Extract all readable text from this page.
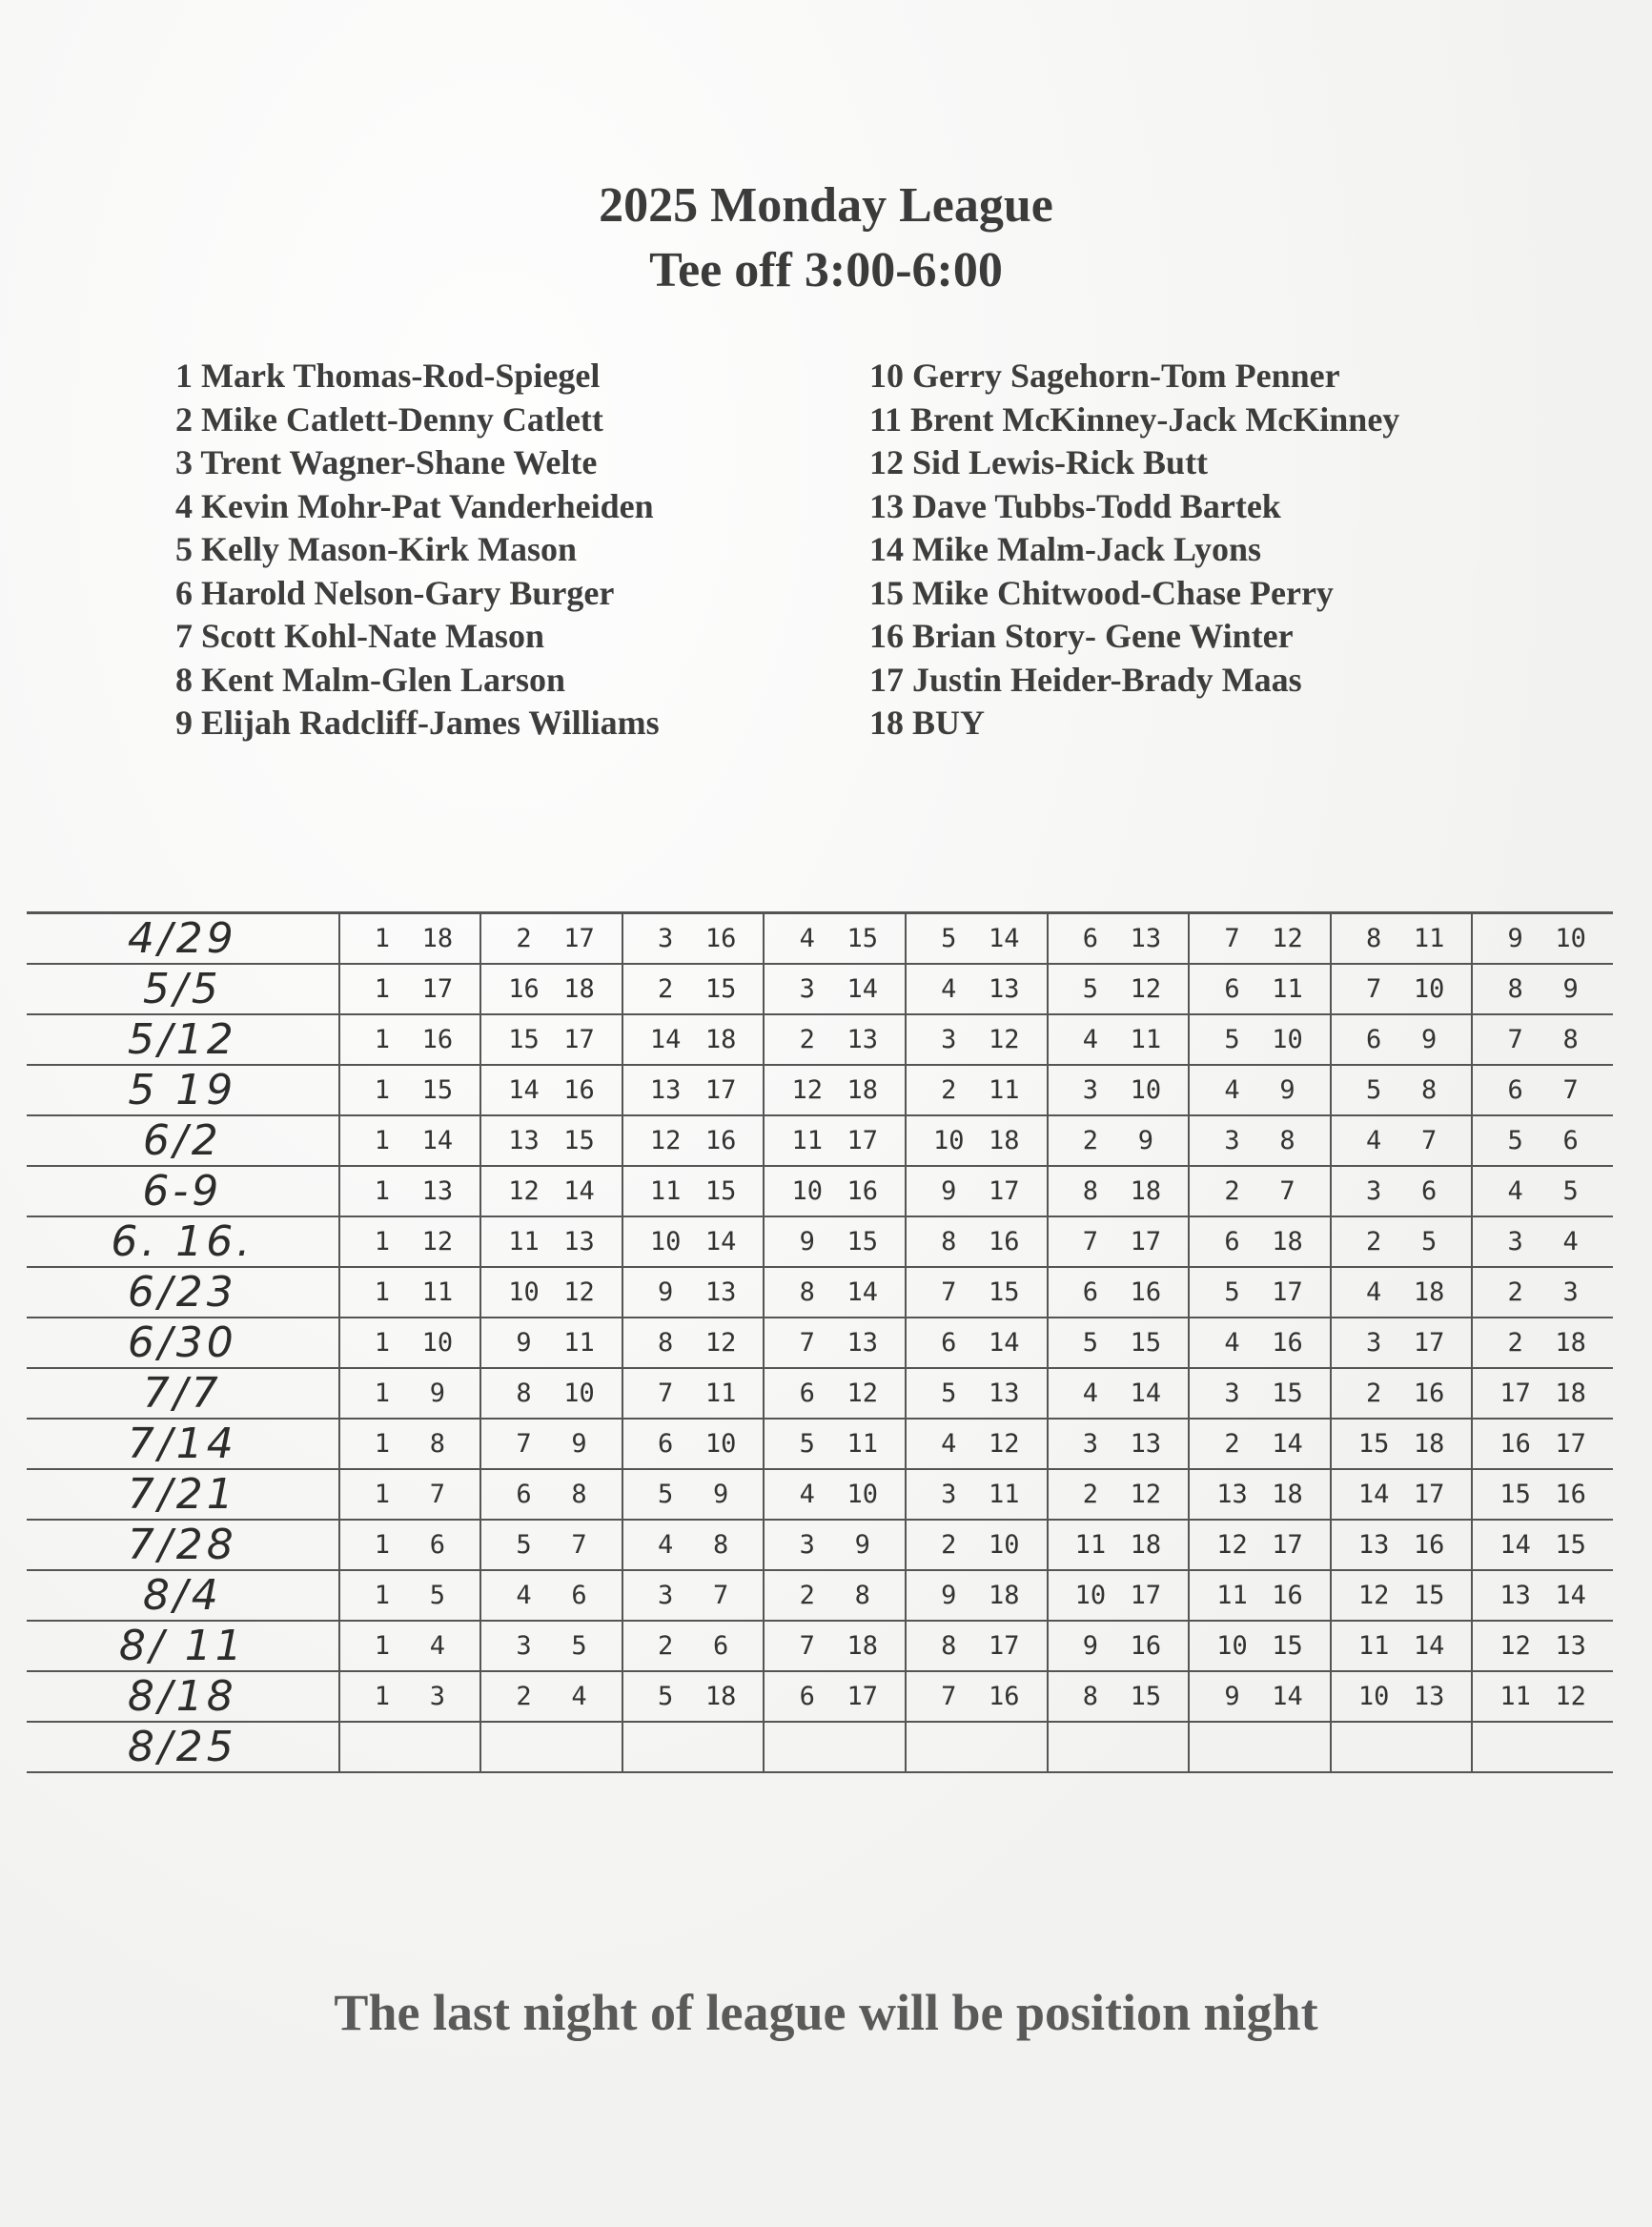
2025 Monday League
Tee off 3:00-6:00
1 Mark Thomas-Rod-Spiegel
2 Mike Catlett-Denny Catlett
3 Trent Wagner-Shane Welte
4 Kevin Mohr-Pat Vanderheiden
5 Kelly Mason-Kirk Mason
6 Harold Nelson-Gary Burger
7 Scott Kohl-Nate Mason
8 Kent Malm-Glen Larson
9 Elijah Radcliff-James Williams
10 Gerry Sagehorn-Tom Penner
11 Brent McKinney-Jack McKinney
12 Sid Lewis-Rick Butt
13 Dave Tubbs-Todd Bartek
14 Mike Malm-Jack Lyons
15 Mike Chitwood-Chase Perry
16 Brian Story- Gene Winter
17 Justin Heider-Brady Maas
18 BUY
4/29	1 18	2 17	3 16	4 15	5 14	6 13	7 12	8 11	9 10
5/5	1 17	16 18	2 15	3 14	4 13	5 12	6 11	7 10	8 9
5/12	1 16	15 17	14 18	2 13	3 12	4 11	5 10	6 9	7 8
5 19	1 15	14 16	13 17	12 18	2 11	3 10	4 9	5 8	6 7
6/2	1 14	13 15	12 16	11 17	10 18	2 9	3 8	4 7	5 6
6-9	1 13	12 14	11 15	10 16	9 17	8 18	2 7	3 6	4 5
6. 16.	1 12	11 13	10 14	9 15	8 16	7 17	6 18	2 5	3 4
6/23	1 11	10 12	9 13	8 14	7 15	6 16	5 17	4 18	2 3
6/30	1 10	9 11	8 12	7 13	6 14	5 15	4 16	3 17	2 18
7/7	1 9	8 10	7 11	6 12	5 13	4 14	3 15	2 16	17 18
7/14	1 8	7 9	6 10	5 11	4 12	3 13	2 14	15 18	16 17
7/21	1 7	6 8	5 9	4 10	3 11	2 12	13 18	14 17	15 16
7/28	1 6	5 7	4 8	3 9	2 10	11 18	12 17	13 16	14 15
8/4	1 5	4 6	3 7	2 8	9 18	10 17	11 16	12 15	13 14
8/ 11	1 4	3 5	2 6	7 18	8 17	9 16	10 15	11 14	12 13
8/18	1 3	2 4	5 18	6 17	7 16	8 15	9 14	10 13	11 12
8/25									
The last night of league will be position night
